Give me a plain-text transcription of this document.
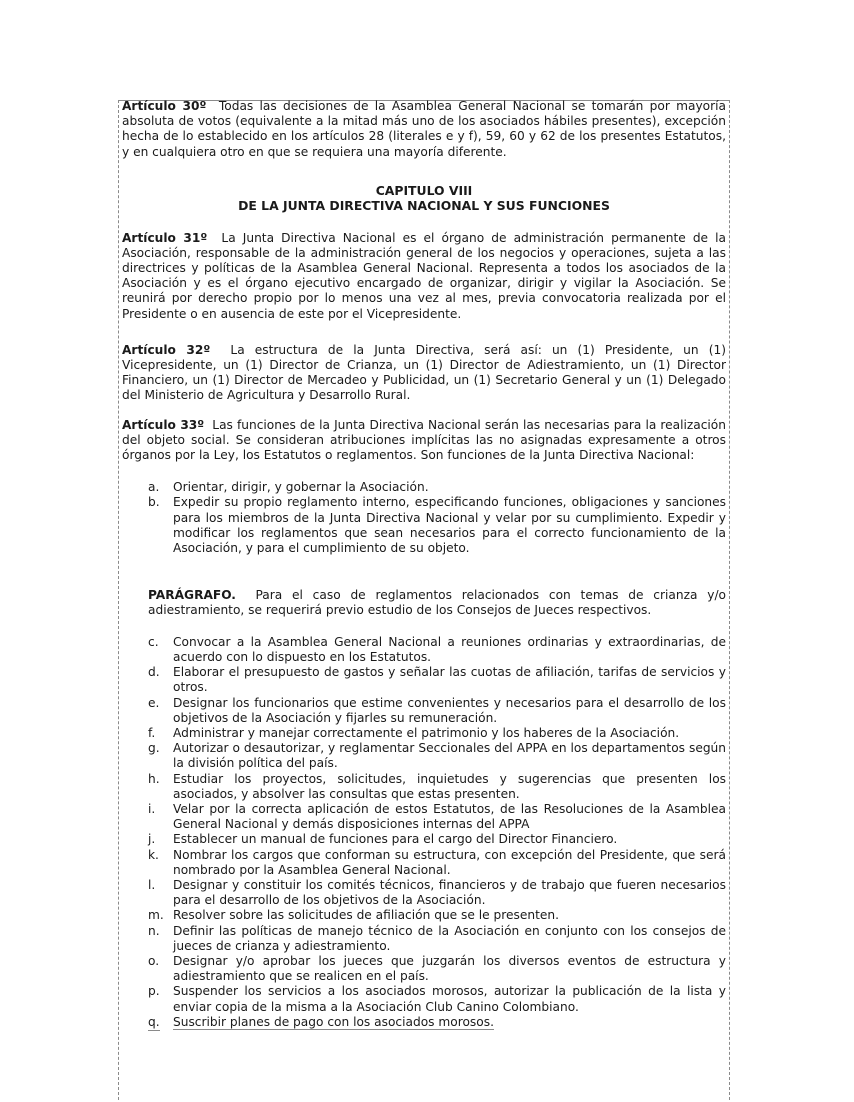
Artículo 30º Todas las decisiones de la Asamblea General Nacional se tomarán por mayoría absoluta de votos (equivalente a la mitad más uno de los asociados hábiles presentes), excepción hecha de lo establecido en los artículos 28 (literales e y f), 59, 60 y 62 de los presentes Estatutos, y en cualquiera otro en que se requiera una mayoría diferente.

CAPITULO VIII
DE LA JUNTA DIRECTIVA NACIONAL Y SUS FUNCIONES

Artículo 31º La Junta Directiva Nacional es el órgano de administración permanente de la Asociación, responsable de la administración general de los negocios y operaciones, sujeta a las directrices y políticas de la Asamblea General Nacional. Representa a todos los asociados de la Asociación y es el órgano ejecutivo encargado de organizar, dirigir y vigilar la Asociación. Se reunirá por derecho propio por lo menos una vez al mes, previa convocatoria realizada por el Presidente o en ausencia de este por el Vicepresidente.

Artículo 32º La estructura de la Junta Directiva, será así: un (1) Presidente, un (1) Vicepresidente, un (1) Director de Crianza, un (1) Director de Adiestramiento, un (1) Director Financiero, un (1) Director de Mercadeo y Publicidad, un (1) Secretario General y un (1) Delegado del Ministerio de Agricultura y Desarrollo Rural.

Artículo 33º Las funciones de la Junta Directiva Nacional serán las necesarias para la realización del objeto social. Se consideran atribuciones implícitas las no asignadas expresamente a otros órganos por la Ley, los Estatutos o reglamentos. Son funciones de la Junta Directiva Nacional:

a. Orientar, dirigir, y gobernar la Asociación.
b. Expedir su propio reglamento interno, especificando funciones, obligaciones y sanciones para los miembros de la Junta Directiva Nacional y velar por su cumplimiento. Expedir y modificar los reglamentos que sean necesarios para el correcto funcionamiento de la Asociación, y para el cumplimiento de su objeto.

PARÁGRAFO. Para el caso de reglamentos relacionados con temas de crianza y/o adiestramiento, se requerirá previo estudio de los Consejos de Jueces respectivos.

c. Convocar a la Asamblea General Nacional a reuniones ordinarias y extraordinarias, de acuerdo con lo dispuesto en los Estatutos.
d. Elaborar el presupuesto de gastos y señalar las cuotas de afiliación, tarifas de servicios y otros.
e. Designar los funcionarios que estime convenientes y necesarios para el desarrollo de los objetivos de la Asociación y fijarles su remuneración.
f. Administrar y manejar correctamente el patrimonio y los haberes de la Asociación.
g. Autorizar o desautorizar, y reglamentar Seccionales del APPA en los departamentos según la división política del país.
h. Estudiar los proyectos, solicitudes, inquietudes y sugerencias que presenten los asociados, y absolver las consultas que estas presenten.
i. Velar por la correcta aplicación de estos Estatutos, de las Resoluciones de la Asamblea General Nacional y demás disposiciones internas del APPA
j. Establecer un manual de funciones para el cargo del Director Financiero.
k. Nombrar los cargos que conforman su estructura, con excepción del Presidente, que será nombrado por la Asamblea General Nacional.
l. Designar y constituir los comités técnicos, financieros y de trabajo que fueren necesarios para el desarrollo de los objetivos de la Asociación.
m. Resolver sobre las solicitudes de afiliación que se le presenten.
n. Definir las políticas de manejo técnico de la Asociación en conjunto con los consejos de jueces de crianza y adiestramiento.
o. Designar y/o aprobar los jueces que juzgarán los diversos eventos de estructura y adiestramiento que se realicen en el país.
p. Suspender los servicios a los asociados morosos, autorizar la publicación de la lista y enviar copia de la misma a la Asociación Club Canino Colombiano.
q. Suscribir planes de pago con los asociados morosos.
